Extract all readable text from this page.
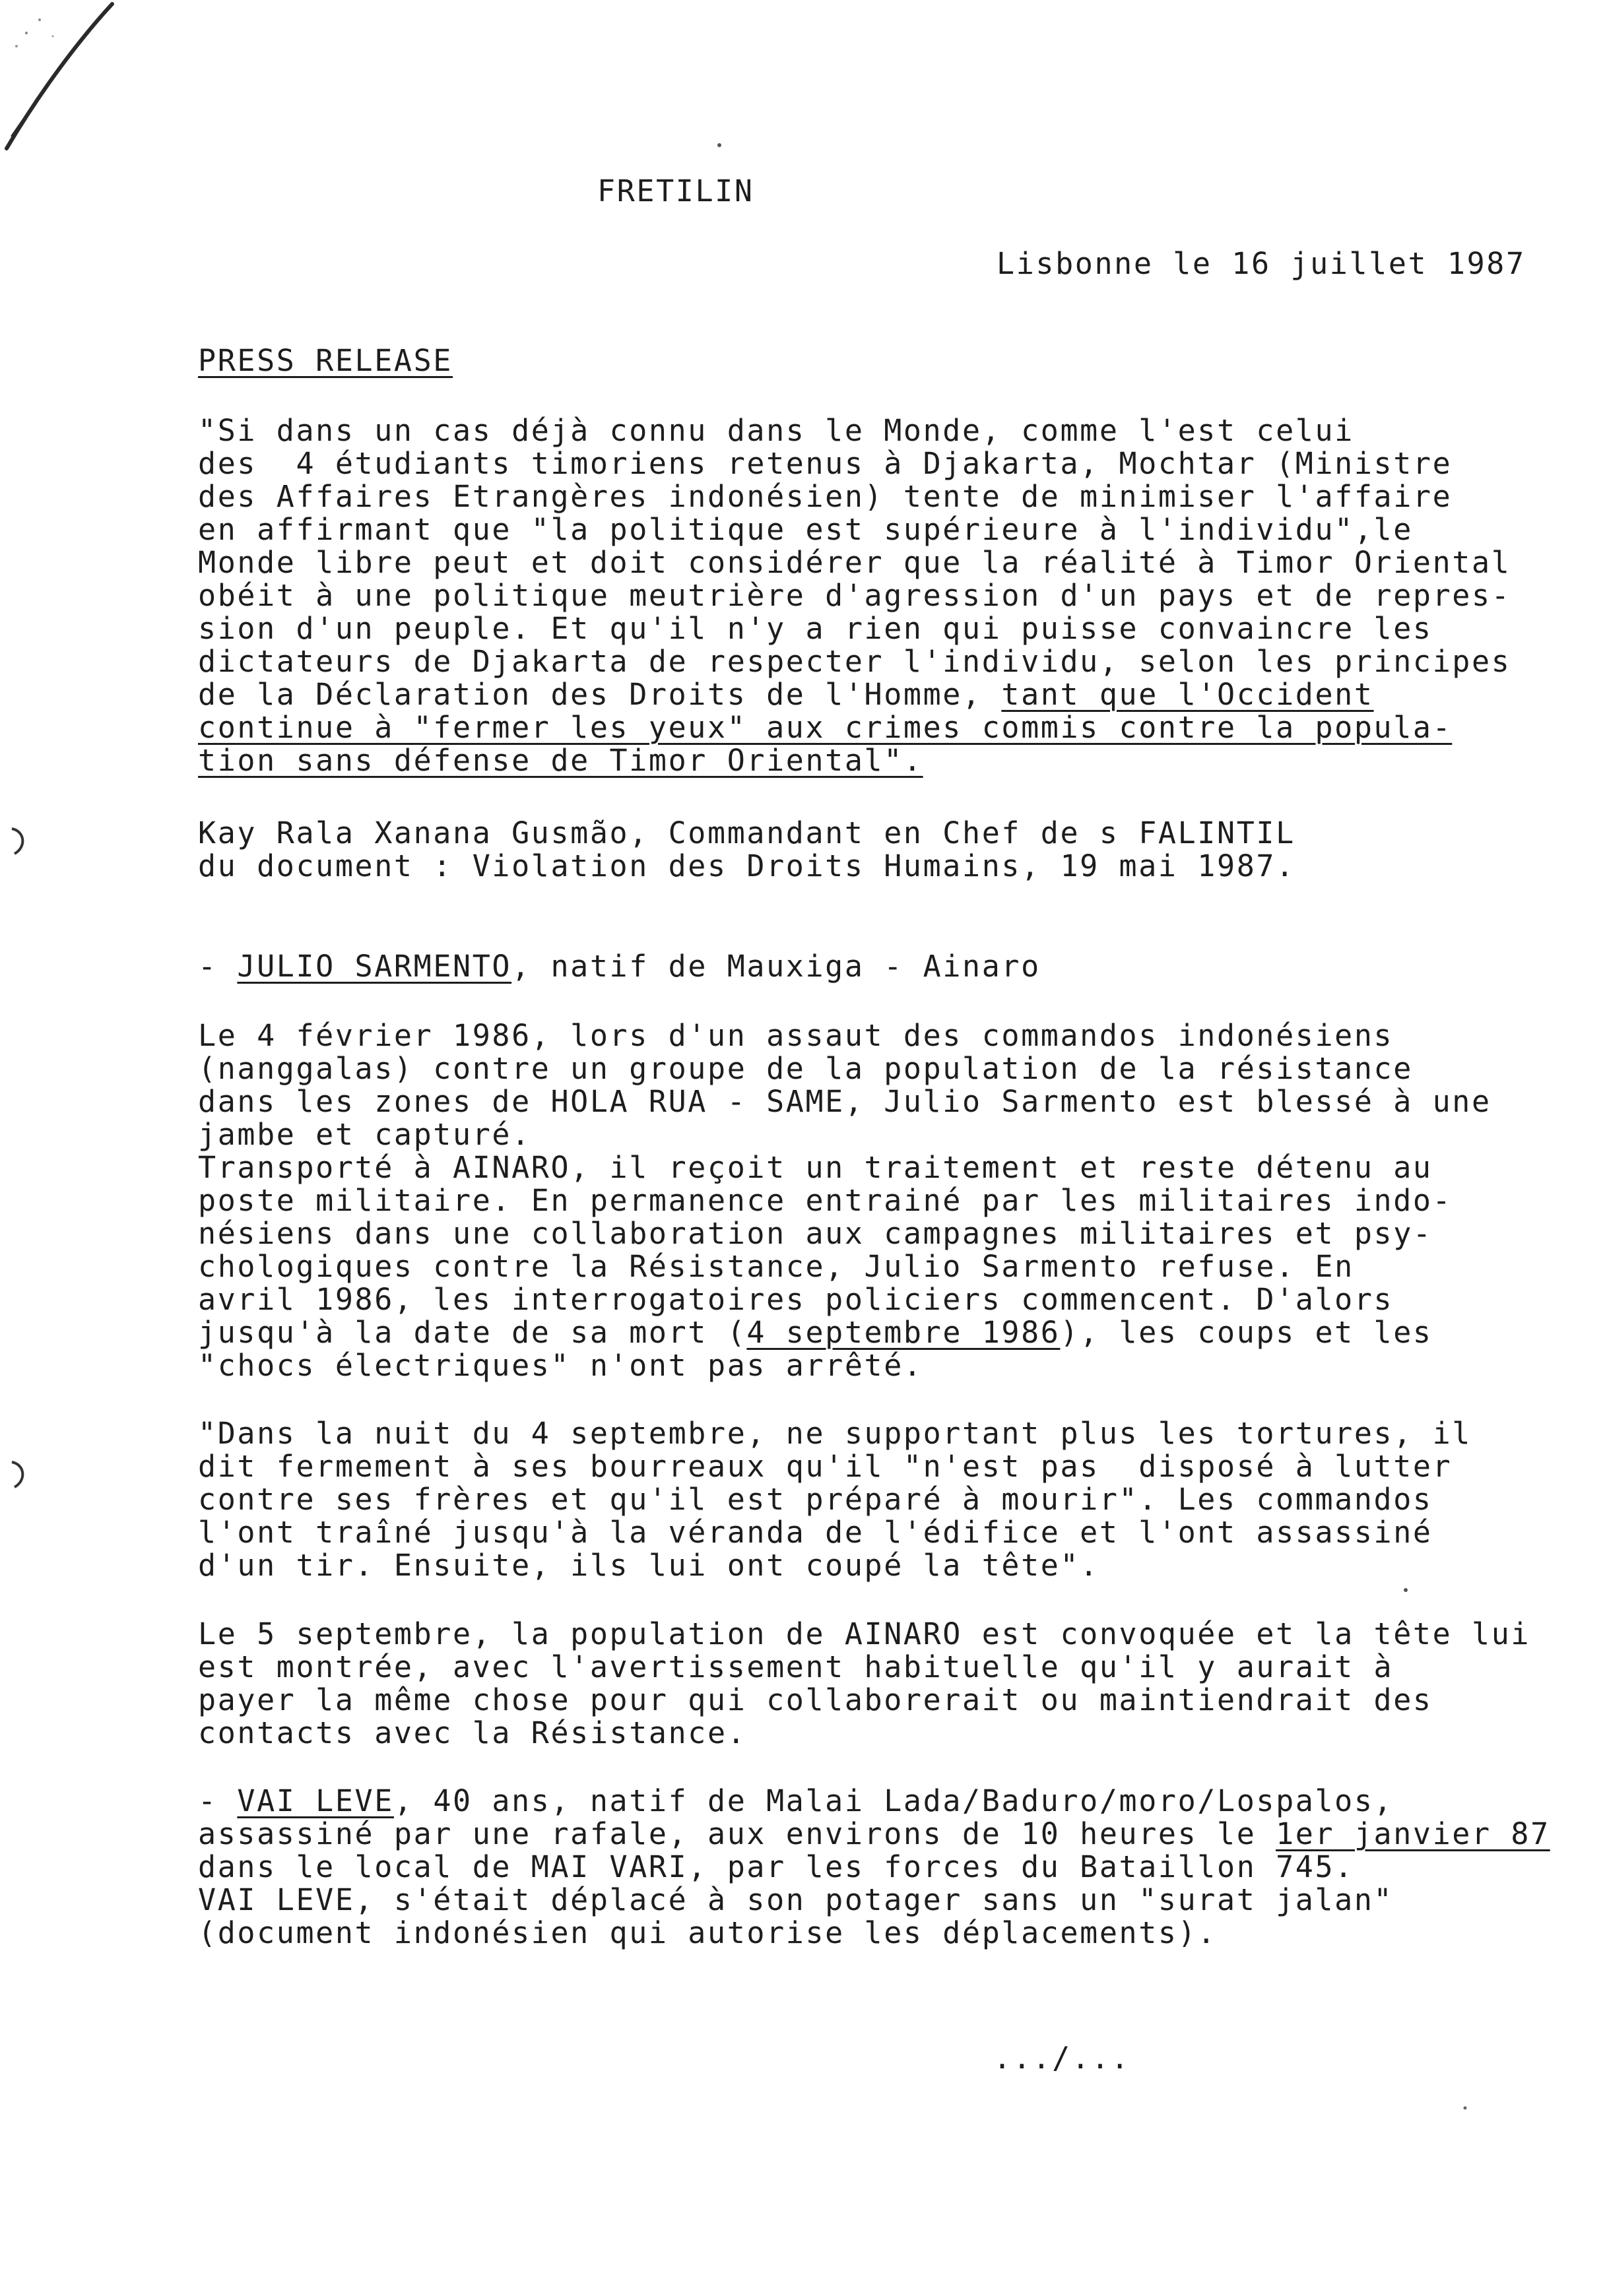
FRETILIN
Lisbonne le 16 juillet 1987
PRESS RELEASE
"Si dans un cas déjà connu dans le Monde, comme l'est celui
des  4 étudiants timoriens retenus à Djakarta, Mochtar (Ministre
des Affaires Etrangères indonésien) tente de minimiser l'affaire
en affirmant que "la politique est supérieure à l'individu",le
Monde libre peut et doit considérer que la réalité à Timor Oriental
obéit à une politique meutrière d'agression d'un pays et de repres-
sion d'un peuple. Et qu'il n'y a rien qui puisse convaincre les
dictateurs de Djakarta de respecter l'individu, selon les principes
de la Déclaration des Droits de l'Homme, tant que l'Occident
continue à "fermer les yeux" aux crimes commis contre la popula-
tion sans défense de Timor Oriental".
Kay Rala Xanana Gusmão, Commandant en Chef de s FALINTIL
du document : Violation des Droits Humains, 19 mai 1987.
- JULIO SARMENTO, natif de Mauxiga - Ainaro
Le 4 février 1986, lors d'un assaut des commandos indonésiens
(nanggalas) contre un groupe de la population de la résistance
dans les zones de HOLA RUA - SAME, Julio Sarmento est blessé à une
jambe et capturé.
Transporté à AINARO, il reçoit un traitement et reste détenu au
poste militaire. En permanence entrainé par les militaires indo-
nésiens dans une collaboration aux campagnes militaires et psy-
chologiques contre la Résistance, Julio Sarmento refuse. En
avril 1986, les interrogatoires policiers commencent. D'alors
jusqu'à la date de sa mort (4 septembre 1986), les coups et les
"chocs électriques" n'ont pas arrêté.
"Dans la nuit du 4 septembre, ne supportant plus les tortures, il
dit fermement à ses bourreaux qu'il "n'est pas  disposé à lutter
contre ses frères et qu'il est préparé à mourir". Les commandos
l'ont traîné jusqu'à la véranda de l'édifice et l'ont assassiné
d'un tir. Ensuite, ils lui ont coupé la tête".
Le 5 septembre, la population de AINARO est convoquée et la tête lui
est montrée, avec l'avertissement habituelle qu'il y aurait à
payer la même chose pour qui collaborerait ou maintiendrait des
contacts avec la Résistance.
- VAI LEVE, 40 ans, natif de Malai Lada/Baduro/moro/Lospalos,
assassiné par une rafale, aux environs de 10 heures le 1er janvier 87
dans le local de MAI VARI, par les forces du Bataillon 745.
VAI LEVE, s'était déplacé à son potager sans un "surat jalan"
(document indonésien qui autorise les déplacements).
.../...
